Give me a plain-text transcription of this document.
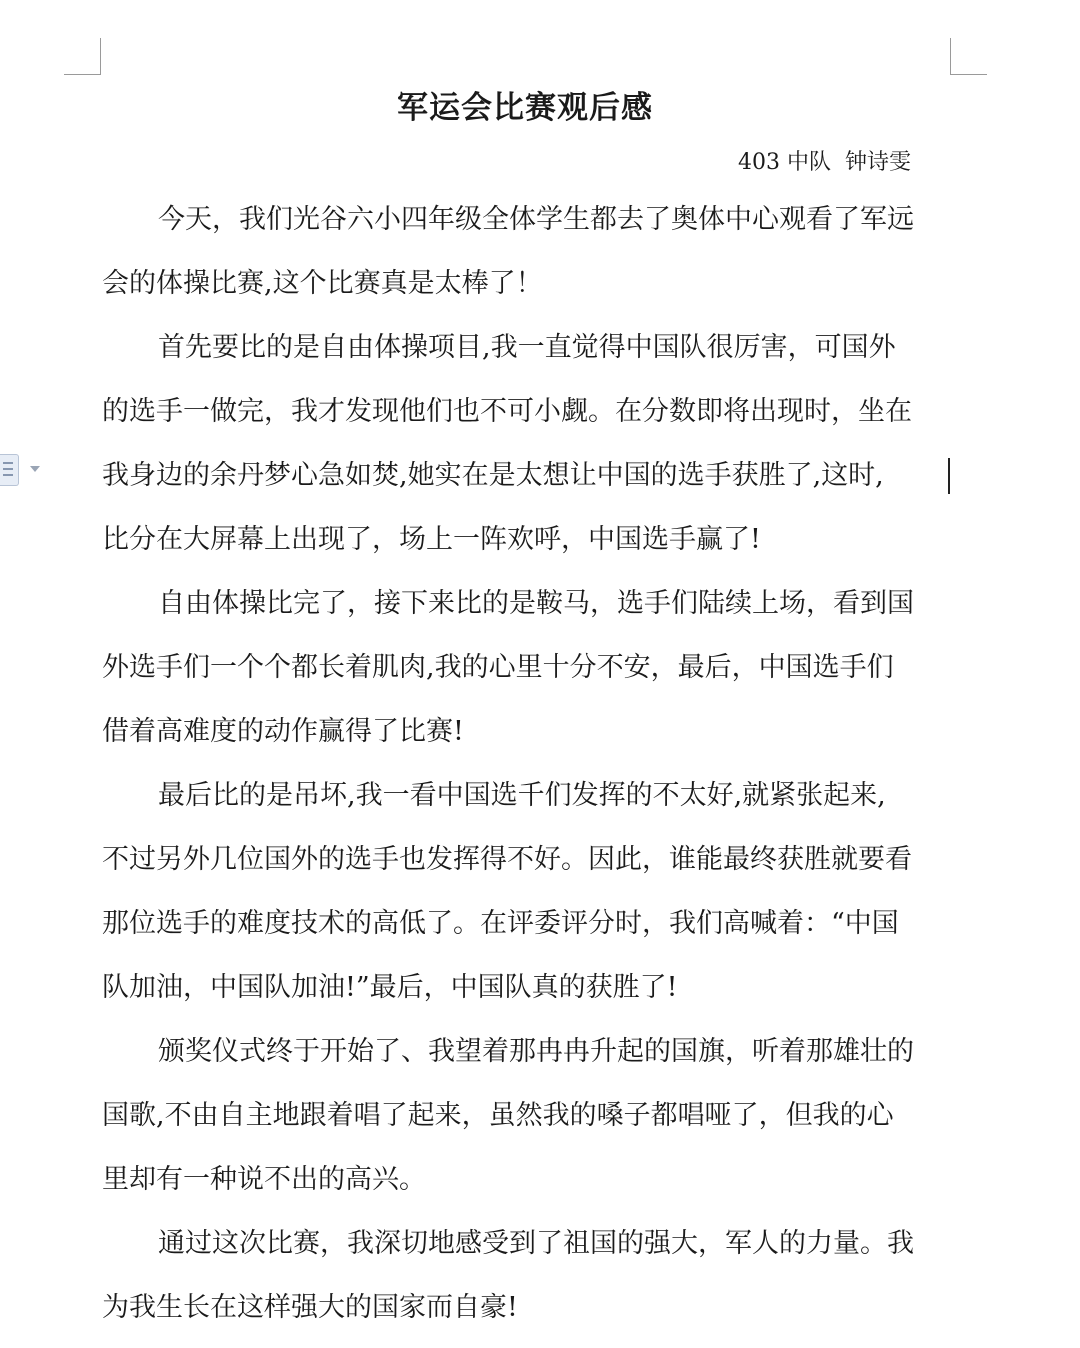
军运会比赛观后感
403 中队  钟诗雯
今天，我们光谷六小四年级全体学生都去了奥体中心观看了军远
会的体操比赛,这个比赛真是太棒了！
首先要比的是自由体操项目,我一直觉得中国队很厉害，可国外
的选手一做完，我才发现他们也不可小觑。在分数即将出现时，坐在
我身边的余丹梦心急如焚,她实在是太想让中国的选手获胜了,这时,
比分在大屏幕上出现了，场上一阵欢呼，中国选手赢了!
自由体操比完了，接下来比的是鞍马，选手们陆续上场，看到国
外选手们一个个都长着肌肉,我的心里十分不安，最后，中国选手们
借着高难度的动作赢得了比赛!
最后比的是吊坏,我一看中国选千们发挥的不太好,就紧张起来,
不过另外几位国外的选手也发挥得不好。因此，谁能最终获胜就要看
那位选手的难度技术的高低了。在评委评分时，我们高喊着：“中国
队加油，中国队加油!”最后，中国队真的获胜了!
颁奖仪式终于开始了、我望着那冉冉升起的国旗，听着那雄壮的
国歌,不由自主地跟着唱了起来，虽然我的嗓子都唱哑了，但我的心
里却有一种说不出的高兴。
通过这次比赛，我深切地感受到了祖国的强大，军人的力量。我
为我生长在这样强大的国家而自豪!
